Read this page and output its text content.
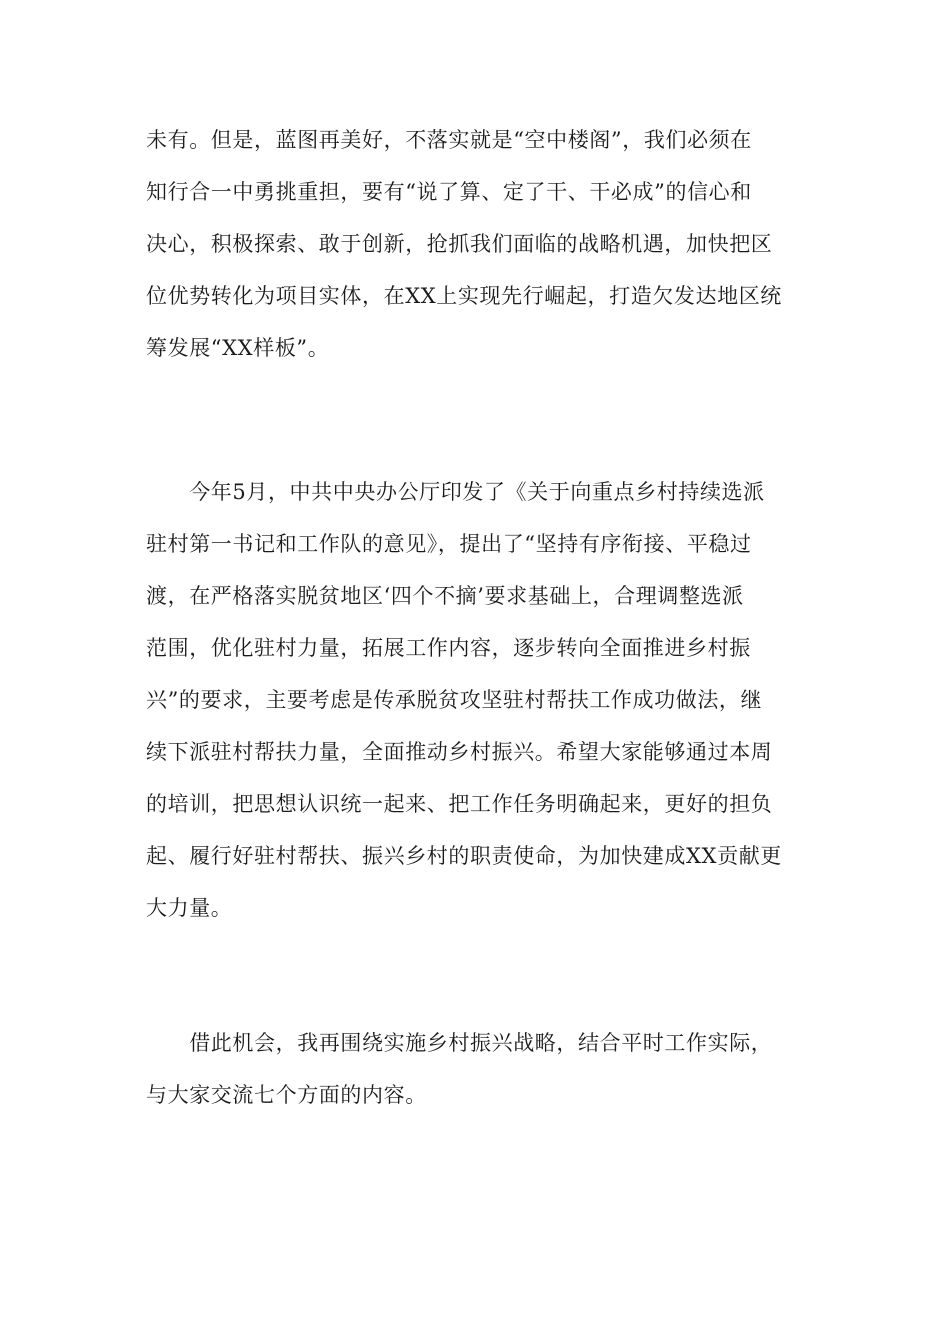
未有。但是，蓝图再美好，不落实就是“空中楼阁”，我们必须在
知行合一中勇挑重担，要有“说了算、定了干、干必成”的信心和
决心，积极探索、敢于创新，抢抓我们面临的战略机遇，加快把区
位优势转化为项目实体，在XX上实现先行崛起，打造欠发达地区统
筹发展“XX样板”。
　　今年5月，中共中央办公厅印发了《关于向重点乡村持续选派
驻村第一书记和工作队的意见》，提出了“坚持有序衔接、平稳过
渡，在严格落实脱贫地区‘四个不摘’要求基础上，合理调整选派
范围，优化驻村力量，拓展工作内容，逐步转向全面推进乡村振
兴”的要求，主要考虑是传承脱贫攻坚驻村帮扶工作成功做法，继
续下派驻村帮扶力量，全面推动乡村振兴。希望大家能够通过本周
的培训，把思想认识统一起来、把工作任务明确起来，更好的担负
起、履行好驻村帮扶、振兴乡村的职责使命，为加快建成XX贡献更
大力量。
　　借此机会，我再围绕实施乡村振兴战略，结合平时工作实际，
与大家交流七个方面的内容。
